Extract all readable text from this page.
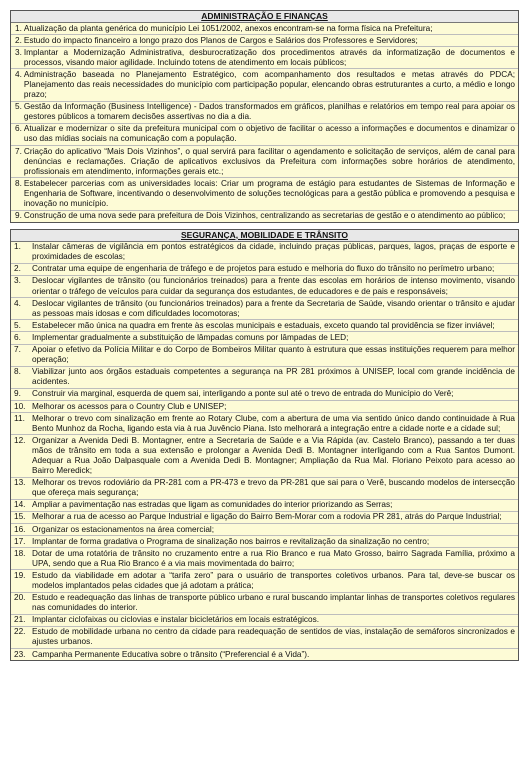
ADMINISTRAÇÃO E FINANÇAS
1. Atualização da planta genérica do município Lei 1051/2002, anexos encontram-se na forma física na Prefeitura;
2. Estudo do impacto financeiro a longo prazo dos Planos de Cargos e Salários dos Professores e Servidores;
3. Implantar a Modernização Administrativa, desburocratização dos procedimentos através da informatização de documentos e processos, visando maior agilidade. Incluindo totens de atendimento em locais públicos;
4. Administração baseada no Planejamento Estratégico, com acompanhamento dos resultados e metas através do PDCA; Planejamento das reais necessidades do município com participação popular, elencando obras estruturantes a curto, a médio e longo prazo;
5. Gestão da Informação (Business Intelligence) - Dados transformados em gráficos, planilhas e relatórios em tempo real para apoiar os gestores públicos a tomarem decisões assertivas no dia a dia.
6. Atualizar e modernizar o site da prefeitura municipal com o objetivo de facilitar o acesso a informações e documentos e dinamizar o uso das mídias sociais na comunicação com a população.
7. Criação do aplicativo “Mais Dois Vizinhos”, o qual servirá para facilitar o agendamento e solicitação de serviços, além de canal para denúncias e reclamações. Criação de aplicativos exclusivos da Prefeitura com informações sobre horários de atendimento, profissionais em atendimento, informações gerais etc.;
8. Estabelecer parcerias com as universidades locais: Criar um programa de estágio para estudantes de Sistemas de Informação e Engenharia de Software, incentivando o desenvolvimento de soluções tecnológicas para a gestão pública e promovendo a pesquisa e inovação no município.
9. Construção de uma nova sede para prefeitura de Dois Vizinhos, centralizando as secretarias de gestão e o atendimento ao público;
SEGURANÇA, MOBILIDADE E TRÂNSITO
1.	Instalar câmeras de vigilância em pontos estratégicos da cidade, incluindo praças públicas, parques, lagos, praças de esporte e proximidades de escolas;
2.	Contratar uma equipe de engenharia de tráfego e de projetos para estudo e melhoria do fluxo do trânsito no perímetro urbano;
3.	Deslocar vigilantes de trânsito (ou funcionários treinados) para a frente das escolas em horários de intenso movimento, visando orientar o tráfego de veículos para cuidar da segurança dos estudantes, de educadores e de pais e responsáveis;
4.	Deslocar vigilantes de trânsito (ou funcionários treinados) para a frente da Secretaria de Saúde, visando orientar o trânsito e ajudar as pessoas mais idosas e com dificuldades locomotoras;
5.	Estabelecer mão única na quadra em frente às escolas municipais e estaduais, exceto quando tal providência se fizer inviável;
6.	Implementar gradualmente a substituição de lâmpadas comuns por lâmpadas de LED;
7.	Apoiar o efetivo da Polícia Militar e do Corpo de Bombeiros Militar quanto à estrutura que essas instituições requerem para melhor operação;
8.	Viabilizar junto aos órgãos estaduais competentes a segurança na PR 281 próximos à UNISEP, local com grande incidência de acidentes.
9.	Construir via marginal, esquerda de quem sai, interligando a ponte sul até o trevo de entrada do Município do Verê;
10. Melhorar os acessos para o Country Club e UNISEP;
11. Melhorar o trevo com sinalização em frente ao Rotary Clube, com a abertura de uma via sentido único dando continuidade à Rua Bento Munhoz da Rocha, ligando esta via à rua Juvêncio Piana. Isto melhorará a integração entre a cidade norte e a cidade sul;
12. Organizar a Avenida Dedi B. Montagner, entre a Secretaria de Saúde e a Via Rápida (av. Castelo Branco), passando a ter duas mãos de trânsito em toda a sua extensão e prolongar a Avenida Dedi B. Montagner interligando com a Rua Santos Dumont. Adequar a Rua João Dalpasquale com a Avenida Dedi B. Montagner; Ampliação da Rua Mal. Floriano Peixoto para acesso ao Bairro Meredick;
13. Melhorar os trevos rodoviário da PR-281 com a PR-473 e trevo da PR-281 que sai para o Verê, buscando modelos de intersecção que ofereça mais segurança;
14. Ampliar a pavimentação nas estradas que ligam as comunidades do interior priorizando as Serras;
15. Melhorar a rua de acesso ao Parque Industrial e ligação do Bairro Bem-Morar com a rodovia PR 281, atrás do Parque Industrial;
16. Organizar os estacionamentos na área comercial;
17. Implantar de forma gradativa o Programa de sinalização nos bairros e revitalização da sinalização no centro;
18. Dotar de uma rotatória de trânsito no cruzamento entre a rua Rio Branco e rua Mato Grosso, bairro Sagrada Família, próximo a UPA, sendo que a Rua Rio Branco é a via mais movimentada do bairro;
19. Estudo da viabilidade em adotar a “tarifa zero” para o usuário de transportes coletivos urbanos. Para tal, deve-se buscar os modelos implantados pelas cidades que já adotam a prática;
20. Estudo e readequação das linhas de transporte público urbano e rural buscando implantar linhas de transportes coletivos regulares nas comunidades do interior.
21. Implantar ciclofaixas ou ciclovias e instalar bicicletários em locais estratégicos.
22. Estudo de mobilidade urbana no centro da cidade para readequação de sentidos de vias, instalação de semáforos sincronizados e ajustes urbanos.
23. Campanha Permanente Educativa sobre o trânsito (“Preferencial é a Vida”).
